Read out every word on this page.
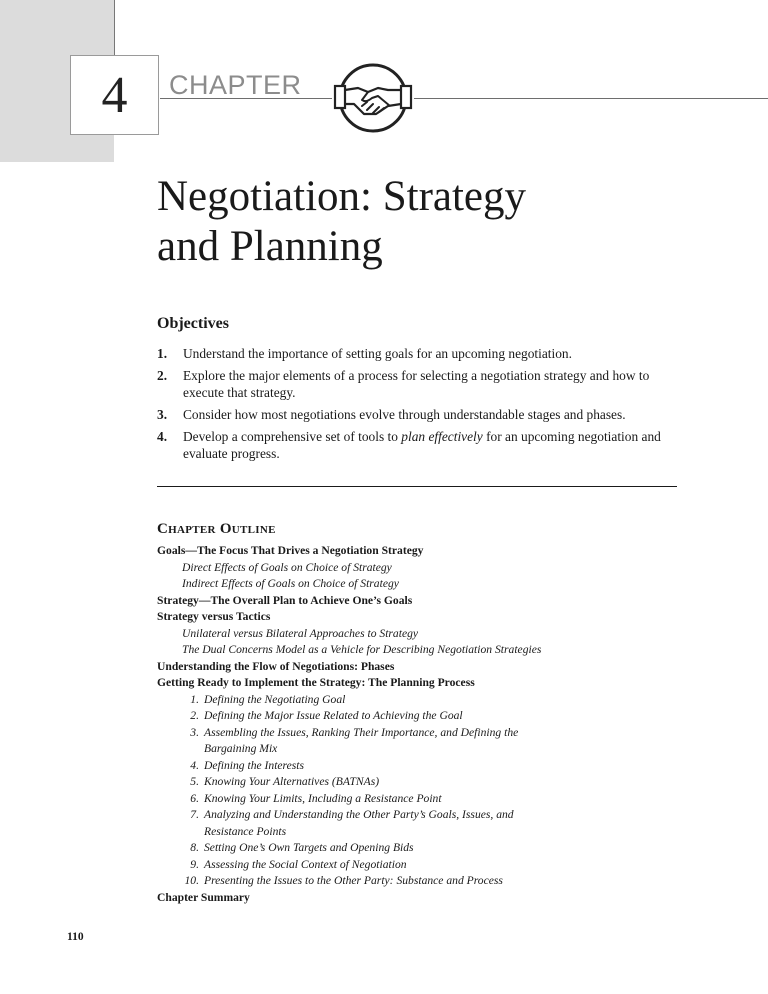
4 CHAPTER
Negotiation: Strategy
and Planning
Objectives
1.	Understand the importance of setting goals for an upcoming negotiation.
2.	Explore the major elements of a process for selecting a negotiation strategy and how to execute that strategy.
3.	Consider how most negotiations evolve through understandable stages and phases.
4.	Develop a comprehensive set of tools to plan effectively for an upcoming negotiation and evaluate progress.
Chapter Outline
Goals—The Focus That Drives a Negotiation Strategy
Direct Effects of Goals on Choice of Strategy
Indirect Effects of Goals on Choice of Strategy
Strategy—The Overall Plan to Achieve One’s Goals
Strategy versus Tactics
Unilateral versus Bilateral Approaches to Strategy
The Dual Concerns Model as a Vehicle for Describing Negotiation Strategies
Understanding the Flow of Negotiations: Phases
Getting Ready to Implement the Strategy: The Planning Process
1. Defining the Negotiating Goal
2. Defining the Major Issue Related to Achieving the Goal
3. Assembling the Issues, Ranking Their Importance, and Defining the Bargaining Mix
4. Defining the Interests
5. Knowing Your Alternatives (BATNAs)
6. Knowing Your Limits, Including a Resistance Point
7. Analyzing and Understanding the Other Party’s Goals, Issues, and Resistance Points
8. Setting One’s Own Targets and Opening Bids
9. Assessing the Social Context of Negotiation
10. Presenting the Issues to the Other Party: Substance and Process
Chapter Summary
110
